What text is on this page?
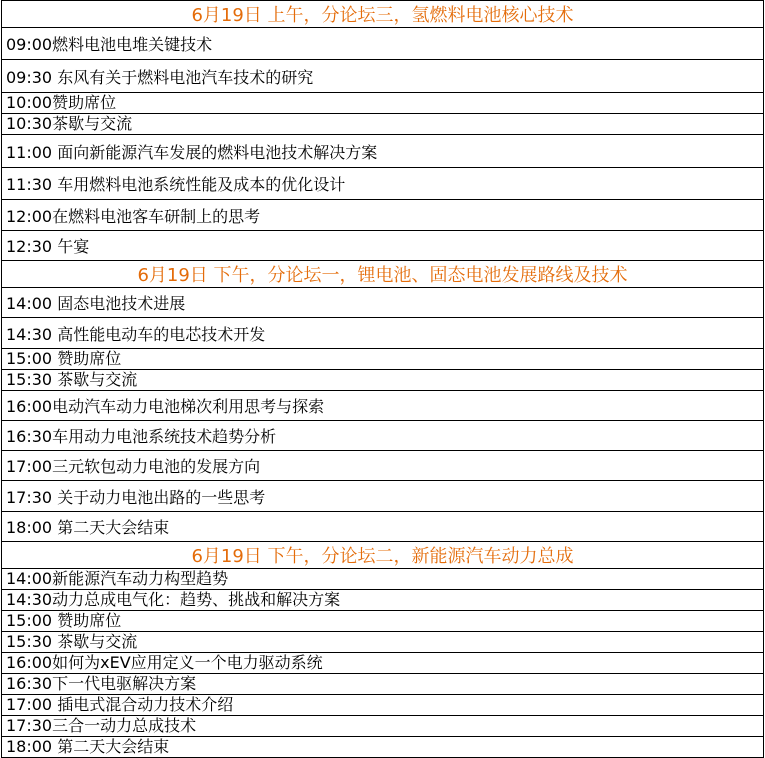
6月19日 上午，分论坛三，氢燃料电池核心技术
09:00燃料电池电堆关键技术
09:30 东风有关于燃料电池汽车技术的研究
10:00赞助席位
10:30茶歇与交流
11:00 面向新能源汽车发展的燃料电池技术解决方案
11:30 车用燃料电池系统性能及成本的优化设计
12:00在燃料电池客车研制上的思考
12:30 午宴
6月19日 下午，分论坛一，锂电池、固态电池发展路线及技术
14:00 固态电池技术进展
14:30 高性能电动车的电芯技术开发
15:00 赞助席位
15:30 茶歇与交流
16:00电动汽车动力电池梯次利用思考与探索
16:30车用动力电池系统技术趋势分析
17:00三元软包动力电池的发展方向
17:30 关于动力电池出路的一些思考
18:00 第二天大会结束
6月19日 下午，分论坛二，新能源汽车动力总成
14:00新能源汽车动力构型趋势
14:30动力总成电气化：趋势、挑战和解决方案
15:00 赞助席位
15:30 茶歇与交流
16:00如何为xEV应用定义一个电力驱动系统
16:30下一代电驱解决方案
17:00 插电式混合动力技术介绍
17:30三合一动力总成技术
18:00 第二天大会结束
